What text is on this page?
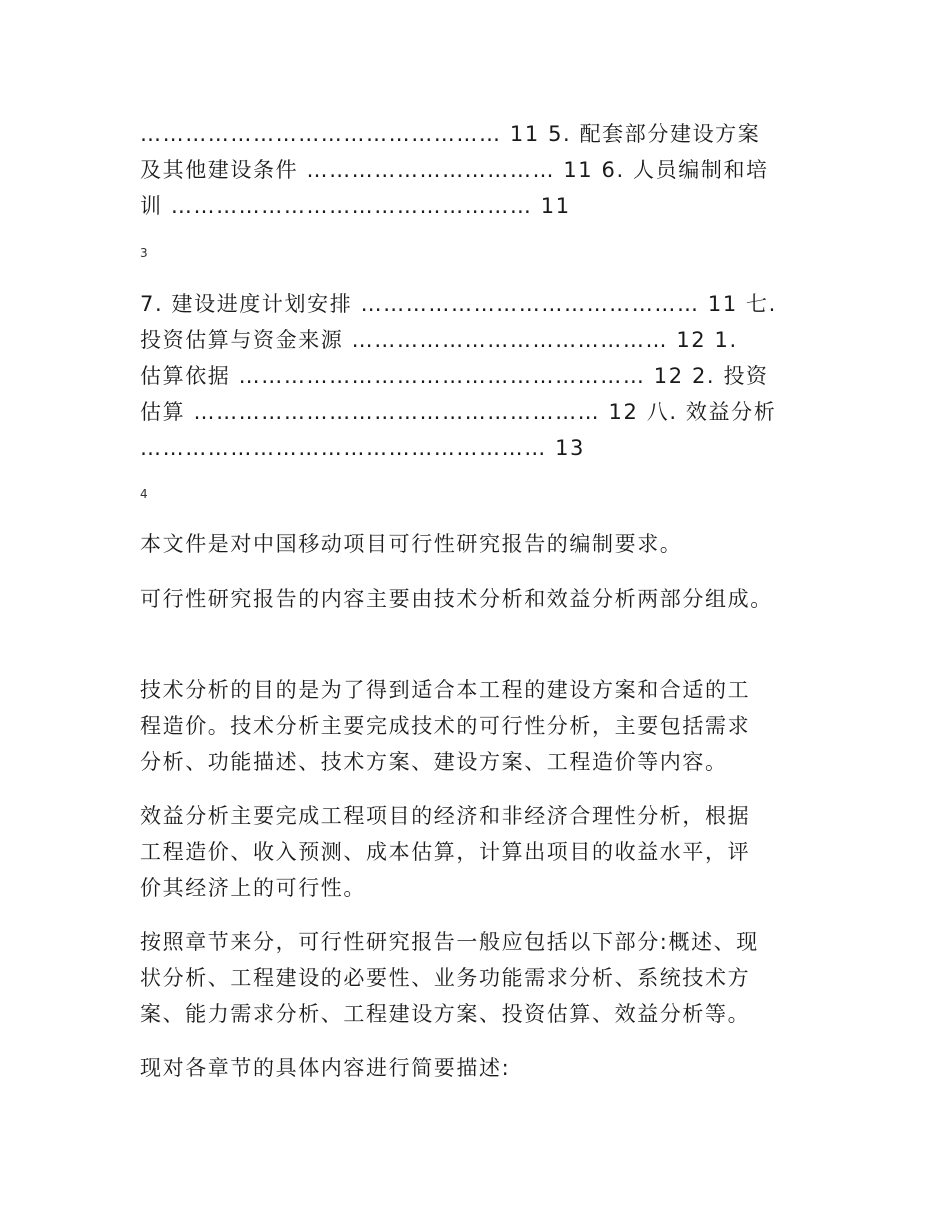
………………………………………… 11 5. 配套部分建设方案

及其他建设条件 …………………………… 11 6. 人员编制和培

训 ………………………………………… 11

3

7. 建设进度计划安排 ……………………………………… 11 七.

投资估算与资金来源 …………………………………… 12 1.

估算依据 ……………………………………………… 12 2. 投资

估算 ……………………………………………… 12 八. 效益分析

……………………………………………… 13

4

本文件是对中国移动项目可行性研究报告的编制要求。

可行性研究报告的内容主要由技术分析和效益分析两部分组成。

技术分析的目的是为了得到适合本工程的建设方案和合适的工

程造价。技术分析主要完成技术的可行性分析，主要包括需求

分析、功能描述、技术方案、建设方案、工程造价等内容。

效益分析主要完成工程项目的经济和非经济合理性分析，根据

工程造价、收入预测、成本估算，计算出项目的收益水平，评

价其经济上的可行性。

按照章节来分，可行性研究报告一般应包括以下部分:概述、现

状分析、工程建设的必要性、业务功能需求分析、系统技术方

案、能力需求分析、工程建设方案、投资估算、效益分析等。

现对各章节的具体内容进行简要描述:
